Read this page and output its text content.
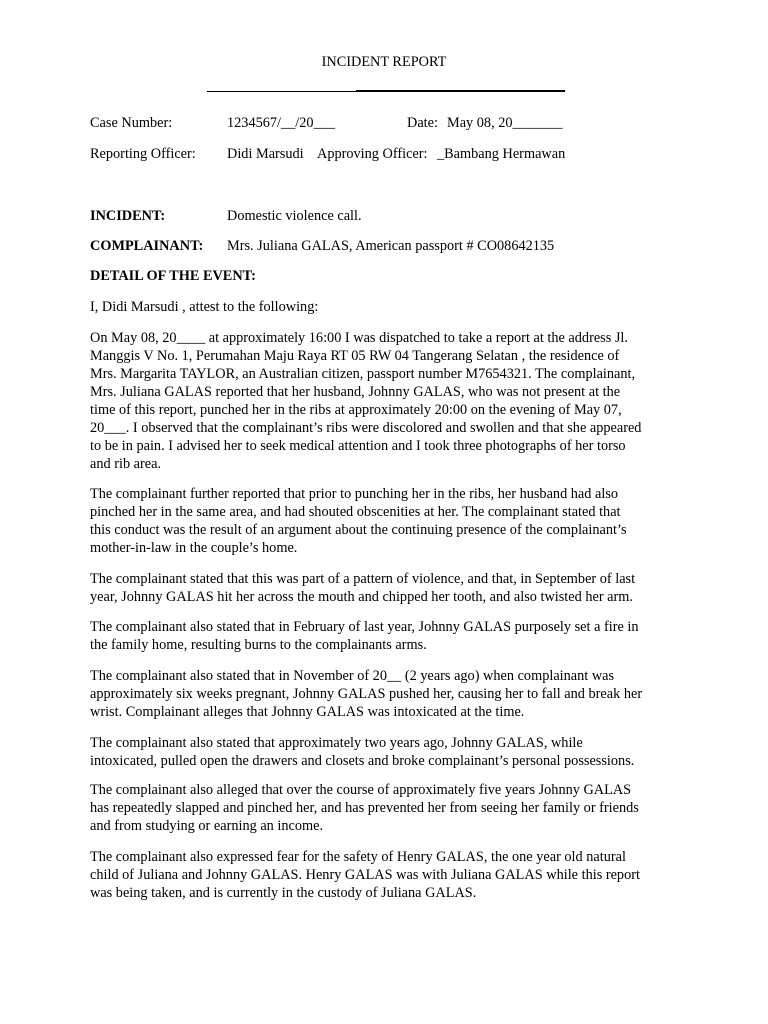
INCIDENT REPORT
Case Number:	1234567/__/20___	Date: May 08, 20_______
Reporting Officer: Didi Marsudi Approving Officer: _Bambang Hermawan
INCIDENT:	Domestic violence call.
COMPLAINANT: Mrs. Juliana GALAS, American passport # CO08642135
DETAIL OF THE EVENT:
I, Didi Marsudi , attest to the following:

On May 08, 20____ at approximately 16:00 I was dispatched to take a report at the address Jl.
Manggis V No. 1, Perumahan Maju Raya RT 05 RW 04 Tangerang Selatan , the residence of
Mrs. Margarita TAYLOR, an Australian citizen, passport number M7654321. The complainant,
Mrs. Juliana GALAS reported that her husband, Johnny GALAS, who was not present at the
time of this report, punched her in the ribs at approximately 20:00 on the evening of May 07,
20___. I observed that the complainant’s ribs were discolored and swollen and that she appeared
to be in pain. I advised her to seek medical attention and I took three photographs of her torso
and rib area.

The complainant further reported that prior to punching her in the ribs, her husband had also
pinched her in the same area, and had shouted obscenities at her. The complainant stated that
this conduct was the result of an argument about the continuing presence of the complainant’s
mother-in-law in the couple’s home.

The complainant stated that this was part of a pattern of violence, and that, in September of last
year, Johnny GALAS hit her across the mouth and chipped her tooth, and also twisted her arm.

The complainant also stated that in February of last year, Johnny GALAS purposely set a fire in
the family home, resulting burns to the complainants arms.

The complainant also stated that in November of 20__ (2 years ago) when complainant was
approximately six weeks pregnant, Johnny GALAS pushed her, causing her to fall and break her
wrist. Complainant alleges that Johnny GALAS was intoxicated at the time.

The complainant also stated that approximately two years ago, Johnny GALAS, while
intoxicated, pulled open the drawers and closets and broke complainant’s personal possessions.

The complainant also alleged that over the course of approximately five years Johnny GALAS
has repeatedly slapped and pinched her, and has prevented her from seeing her family or friends
and from studying or earning an income.

The complainant also expressed fear for the safety of Henry GALAS, the one year old natural
child of Juliana and Johnny GALAS. Henry GALAS was with Juliana GALAS while this report
was being taken, and is currently in the custody of Juliana GALAS.
